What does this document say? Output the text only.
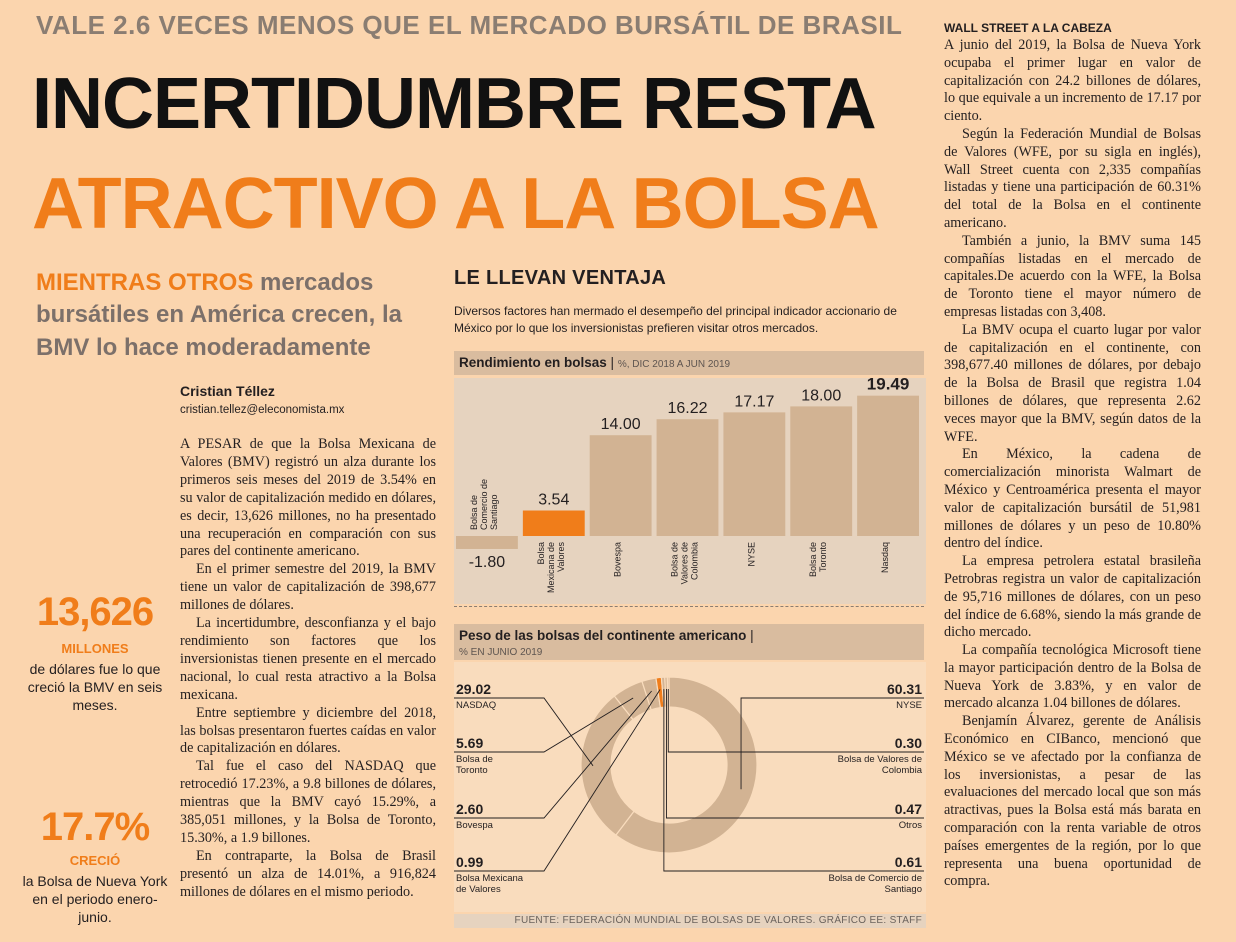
VALE 2.6 VECES MENOS QUE EL MERCADO BURSÁTIL DE BRASIL
INCERTIDUMBRE RESTA
ATRACTIVO A LA BOLSA
MIENTRAS OTROS mercados bursátiles en América crecen, la BMV lo hace moderadamente
Cristian Téllez
cristian.tellez@eleconomista.mx

A PESAR de que la Bolsa Mexicana de Valores (BMV) registró un alza durante los primeros seis meses del 2019 de 3.54% en su valor de capitalización medido en dólares, es decir, 13,626 millones, no ha presentado una recuperación en comparación con sus pares del continente americano.

En el primer semestre del 2019, la BMV tiene un valor de capitalización de 398,677 millones de dólares.

La incertidumbre, desconfianza y el bajo rendimiento son factores que los inversionistas tienen presente en el mercado nacional, lo cual resta atractivo a la Bolsa mexicana.

Entre septiembre y diciembre del 2018, las bolsas presentaron fuertes caídas en valor de capitalización en dólares.

Tal fue el caso del NASDAQ que retrocedió 17.23%, a 9.8 billones de dólares, mientras que la BMV cayó 15.29%, a 385,051 millones, y la Bolsa de Toronto, 15.30%, a 1.9 billones.

En contraparte, la Bolsa de Brasil presentó un alza de 14.01%, a 916,824 millones de dólares en el mismo periodo.

13,626
MILLONES
de dólares fue lo que creció la BMV en seis meses.
17.7%
CRECIÓ
la Bolsa de Nueva York en el periodo enero-junio.
WALL STREET A LA CABEZA

A junio del 2019, la Bolsa de Nueva York ocupaba el primer lugar en valor de capitalización con 24.2 billones de dólares, lo que equivale a un incremento de 17.17 por ciento.

Según la Federación Mundial de Bolsas de Valores (WFE, por su sigla en inglés), Wall Street cuenta con 2,335 compañías listadas y tiene una participación de 60.31% del total de la Bolsa en el continente americano.

También a junio, la BMV suma 145 compañías listadas en el mercado de capitales.De acuerdo con la WFE, la Bolsa de Toronto tiene el mayor número de empresas listadas con 3,408.

La BMV ocupa el cuarto lugar por valor de capitalización en el continente, con 398,677.40 millones de dólares, por debajo de la Bolsa de Brasil que registra 1.04 billones de dólares, que representa 2.62 veces mayor que la BMV, según datos de la WFE.

En México, la cadena de comercialización minorista Walmart de México y Centroamérica presenta el mayor valor de capitalización bursátil de 51,981 millones de dólares y un peso de 10.80% dentro del índice.

La empresa petrolera estatal brasileña Petrobras registra un valor de capitalización de 95,716 millones de dólares, con un peso del índice de 6.68%, siendo la más grande de dicho mercado.

La compañía tecnológica Microsoft tiene la mayor participación dentro de la Bolsa de Nueva York de 3.83%, y en valor de mercado alcanza 1.04 billones de dólares.

Benjamín Álvarez, gerente de Análisis Económico en CIBanco, mencionó que México se ve afectado por la confianza de los inversionistas, a pesar de las evaluaciones del mercado local que son más atractivas, pues la Bolsa está más barata en comparación con la renta variable de otros países emergentes de la región, por lo que representa una buena oportunidad de compra.

LE LLEVAN VENTAJA
Diversos factores han mermado el desempeño del principal indicador accionario de México por lo que los inversionistas prefieren visitar otros mercados.
Rendimiento en bolsas | %, DIC 2018 A JUN 2019
-1.80
Bolsa deComercio deSantiago 3.54
BolsaMexicana deValores
14.00
Bovespa
16.22
Bolsa deValores deColombia
17.17
NYSE
18.00
Bolsa deToronto
19.49
Nasdaq
Peso de las bolsas del continente americano |
% EN JUNIO 2019
60.31
NYSE
29.02
NASDAQ
5.69
Bolsa de Toronto
2.60
Bovespa
0.99
Bolsa Mexicana de Valores
0.61
Bolsa de Comercio de Santiago
0.47
Otros
0.30
Bolsa de Valores de Colombia
FUENTE: FEDERACIÓN MUNDIAL DE BOLSAS DE VALORES. GRÁFICO EE: STAFF
